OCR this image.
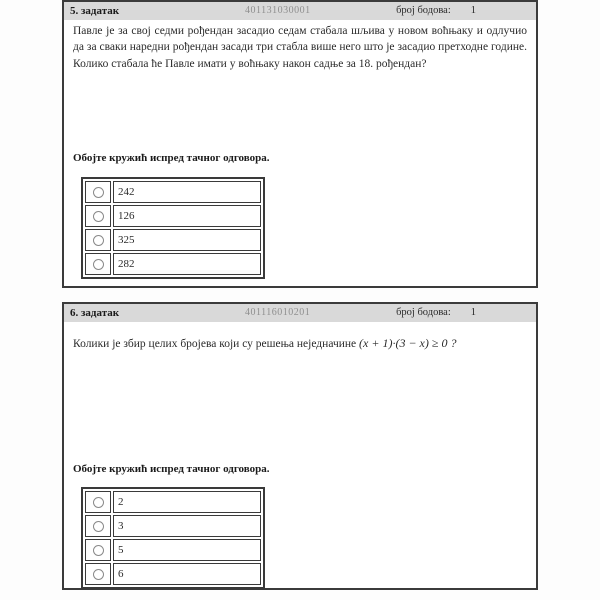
5. задатак	401131030001	број бодова: 1
Павле је за свој седми рођендан засадио седам стабала шљива у новом воћњаку и одлучио да за сваки наредни рођендан засади три стабла више него што је засадио претходне године. Колико стабала ће Павле имати у воћњаку након садње за 18. рођендан?
Обојте кружић испред тачног одговора.
	242
	126
	325
	282
6. задатак	401116010201	број бодова: 1
Колики је збир целих бројева који су решења неједначине (x + 1)·(3 − x) ≥ 0 ?
Обојте кружић испред тачног одговора.
	2
	3
	5
	6
